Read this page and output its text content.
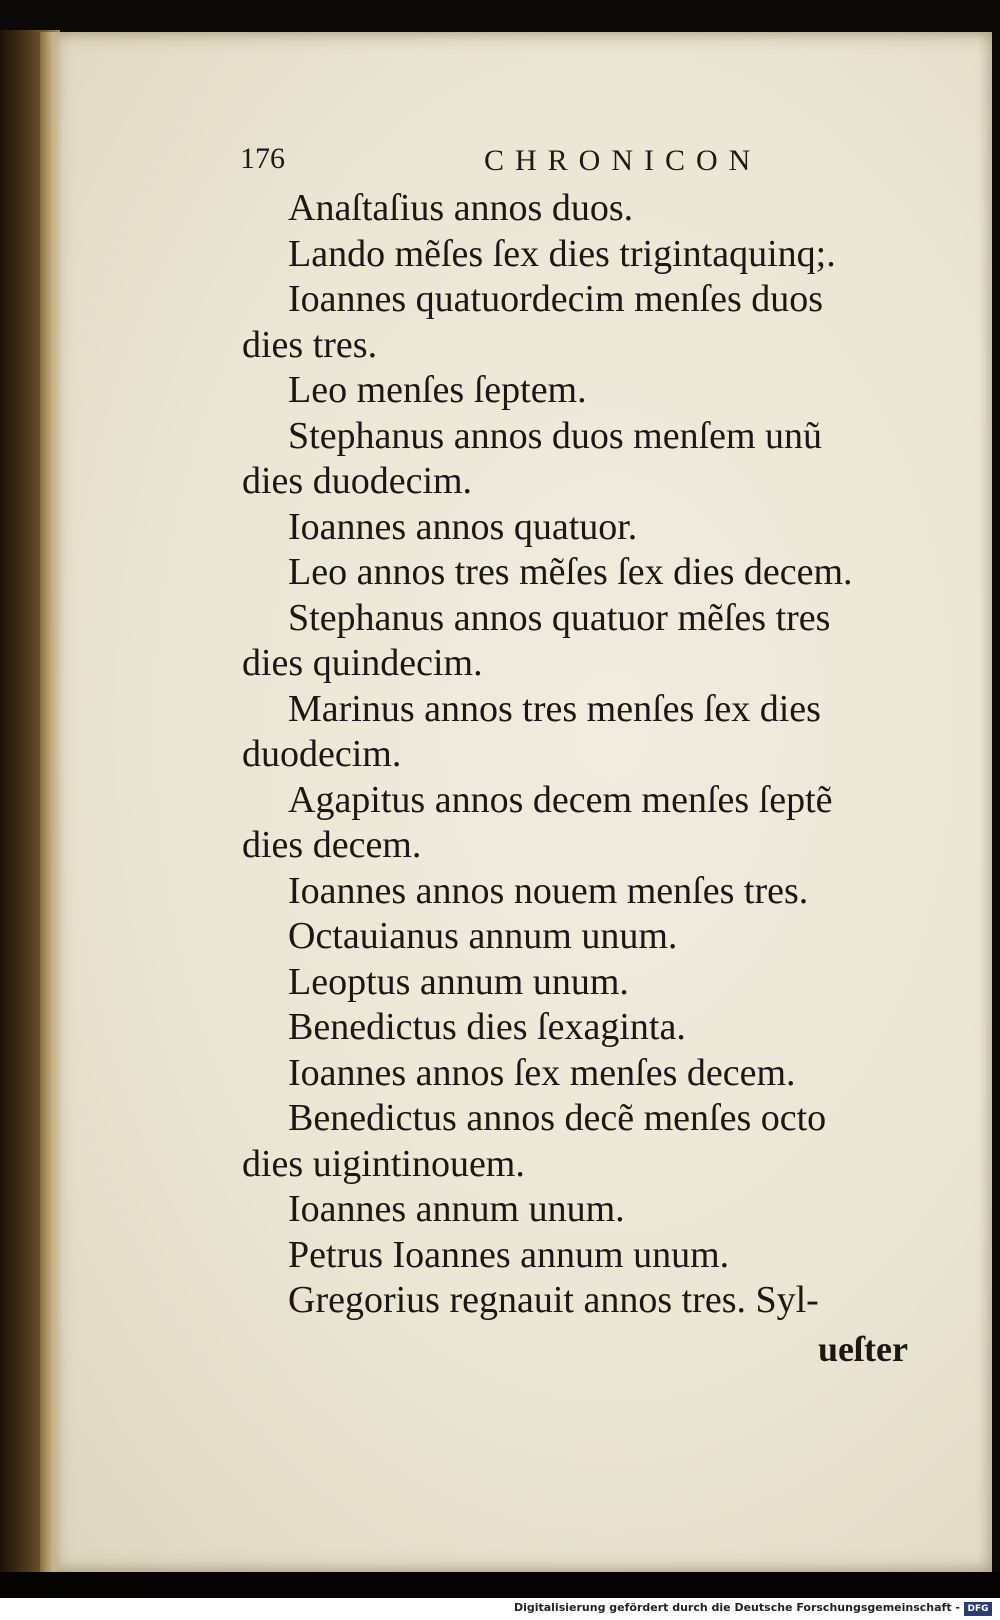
176	CHRONICON
Anaſtaſius annos duos.
Lando mẽſes ſex dies trigintaquinq;.
Ioannes quatuordecim menſes duos
dies tres.
Leo menſes ſeptem.
Stephanus annos duos menſem unũ
dies duodecim.
Ioannes annos quatuor.
Leo annos tres mẽſes ſex dies decem.
Stephanus annos quatuor mẽſes tres
dies quindecim.
Marinus annos tres menſes ſex dies
duodecim.
Agapitus annos decem menſes ſeptẽ
dies decem.
Ioannes annos nouem menſes tres.
Octauianus annum unum.
Leoptus annum unum.
Benedictus dies ſexaginta.
Ioannes annos ſex menſes decem.
Benedictus annos decẽ menſes octo
dies uigintinouem.
Ioannes annum unum.
Petrus Ioannes annum unum.
Gregorius regnauit annos tres. Syl-
ueſter
Digitalisierung gefördert durch die Deutsche Forschungsgemeinschaft - DFG
